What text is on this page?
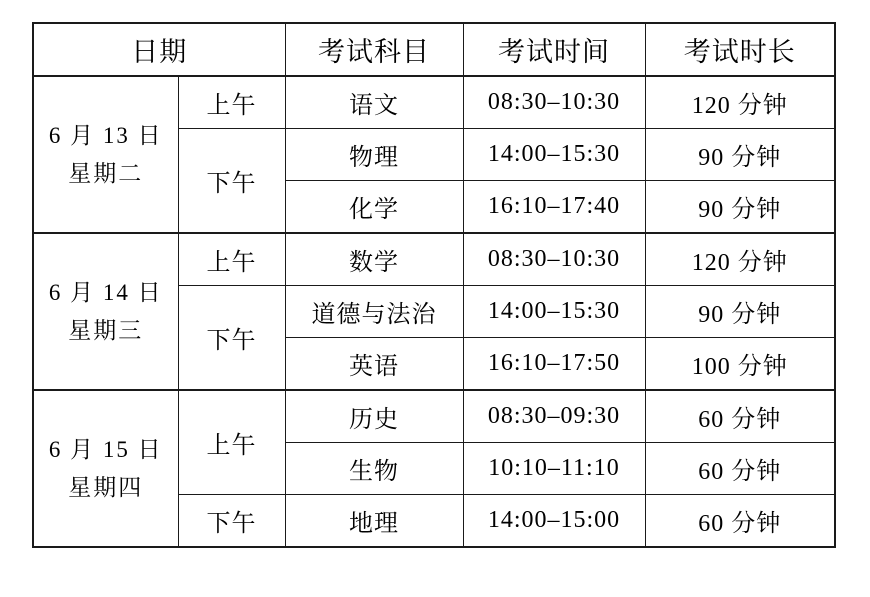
日期		考试科目	考试时间	考试时长

6 月 13 日
星期二	上午	语文	08:30–10:30	120 分钟
	下午	物理	14:00–15:30	90 分钟
		化学	16:10–17:40	90 分钟

6 月 14 日
星期三	上午	数学	08:30–10:30	120 分钟
	下午	道德与法治	14:00–15:30	90 分钟
		英语	16:10–17:50	100 分钟

6 月 15 日
星期四	上午	历史	08:30–09:30	60 分钟
		生物	10:10–11:10	60 分钟
	下午	地理	14:00–15:00	60 分钟
